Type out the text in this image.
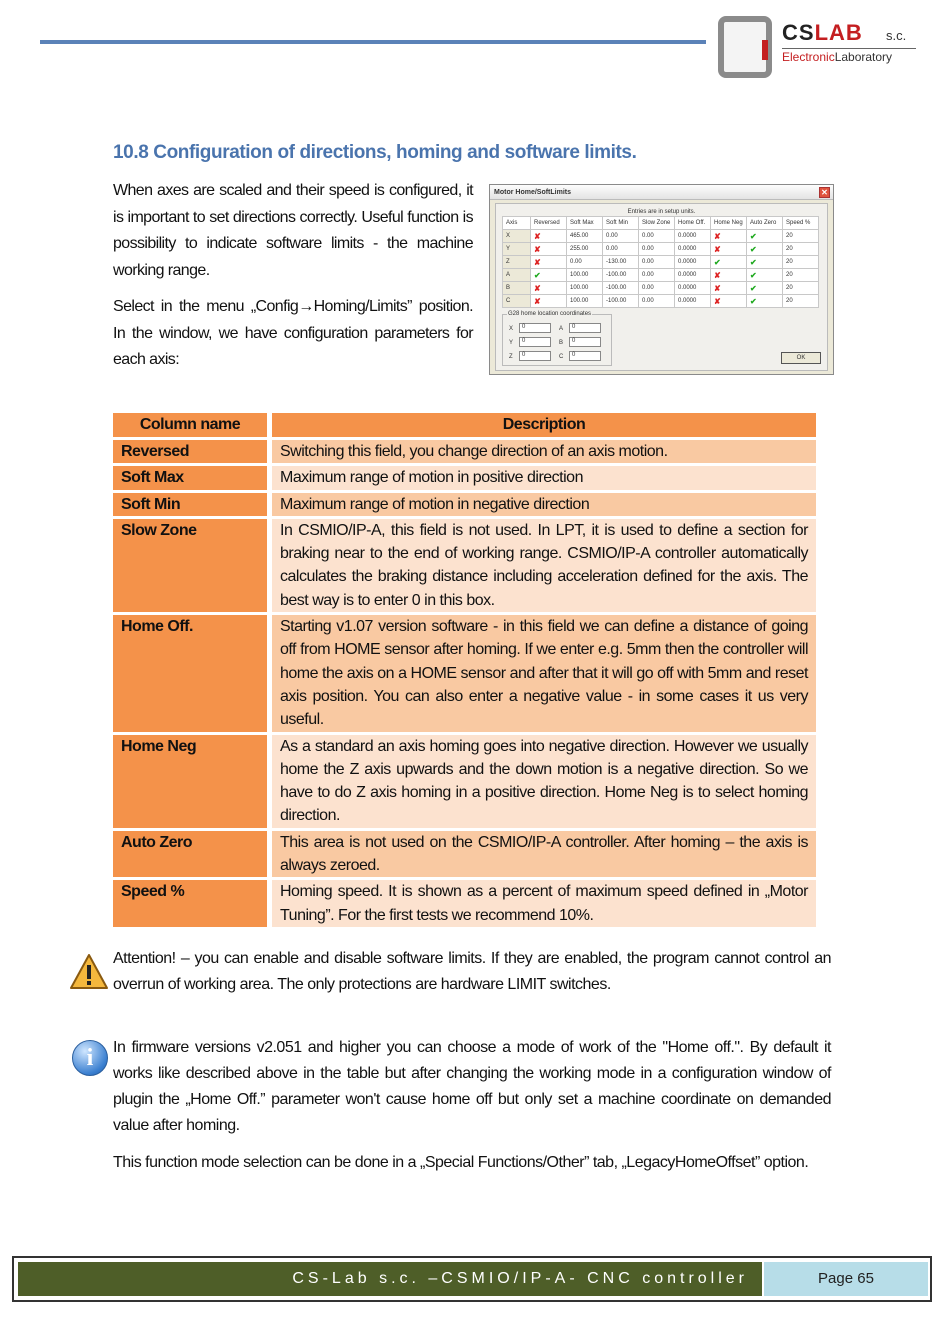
CSLAB s.c.
ElectronicLaboratory
10.8 Configuration of directions, homing and software limits.

When axes are scaled and their speed is configured, it is important to set directions correctly. Useful function is possibility to indicate software limits - the machine working range.

Select in the menu „Config→Homing/Limits” position. In the window, we have configuration parameters for each axis:

Motor Home/SoftLimits	✕
Entries are in setup units.
Axis	Reversed	Soft Max	Soft Min	Slow Zone	Home Off.	Home Neg	Auto Zero	Speed %
X	✘	465.00	0.00	0.00	0.0000	✘	✔	20
Y	✘	255.00	0.00	0.00	0.0000	✘	✔	20
Z	✘	0.00	-130.00	0.00	0.0000	✔	✔	20
A	✔	100.00	-100.00	0.00	0.0000	✘	✔	20
B	✘	100.00	-100.00	0.00	0.0000	✘	✔	20
C	✘	100.00	-100.00	0.00	0.0000	✘	✔	20
G28 home location coordinates
X 0	A 0
Y 0	B 0
Z 0	C 0	OK
Column name	Description
Reversed	Switching this field, you change direction of an axis motion.
Soft Max	Maximum range of motion in positive direction
Soft Min	Maximum range of motion in negative direction
Slow Zone	In CSMIO/IP-A, this field is not used. In LPT, it is used to define a section for braking near to the end of working range. CSMIO/IP-A controller automatically calculates the braking distance including acceleration defined for the axis. The best way is to enter 0 in this box.
Home Off.	Starting v1.07 version software - in this field we can define a distance of going off from HOME sensor after homing. If we enter e.g. 5mm then the controller will home the axis on a HOME sensor and after that it will go off with 5mm and reset axis position. You can also enter a negative value - in some cases it us very useful.
Home Neg	As a standard an axis homing goes into negative direction. However we usually home the Z axis upwards and the down motion is a negative direction. So we have to do Z axis homing in a positive direction. Home Neg is to select homing direction.
Auto Zero	This area is not used on the CSMIO/IP-A controller. After homing – the axis is always zeroed.
Speed %	Homing speed. It is shown as a percent of maximum speed defined in „Motor Tuning”. For the first tests we recommend 10%.

Attention! – you can enable and disable software limits. If they are enabled, the program cannot control an overrun of working area. The only protections are hardware LIMIT switches.

i	In firmware versions v2.051 and higher you can choose a mode of work of the "Home off.". By default it works like described above in the table but after changing the working mode in a configuration window of plugin the „Home Off.” parameter won't cause home off but only set a machine coordinate on demanded value after homing.

This function mode selection can be done in a „Special Functions/Other” tab, „LegacyHomeOffset” option.

CS-Lab s.c. –CSMIO/IP-A- CNC controller	Page 65
